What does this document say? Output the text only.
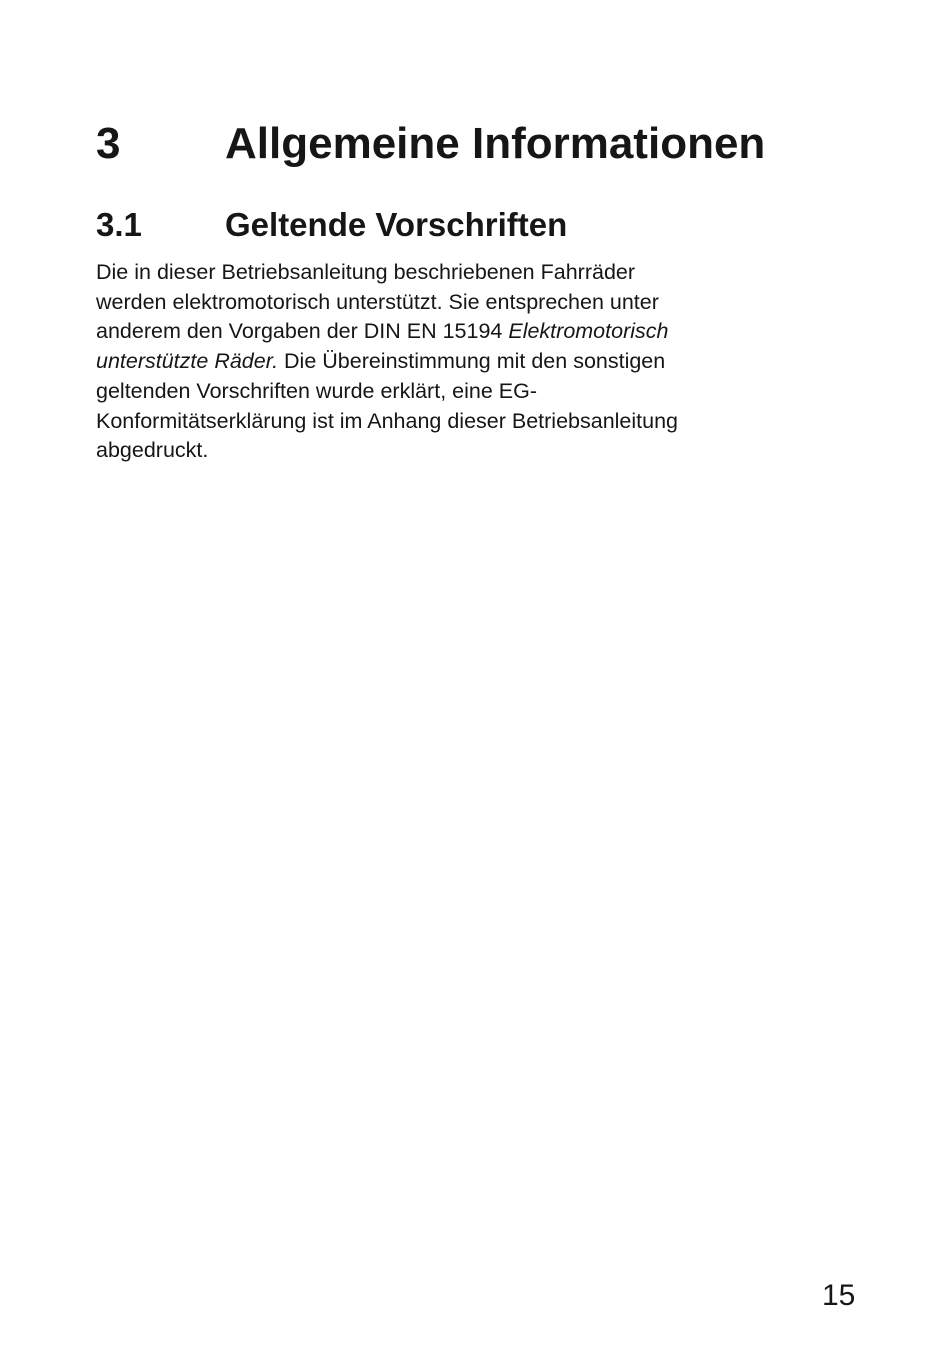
3 Allgemeine Informationen
3.1	Geltende Vorschriften
Die in dieser Betriebsanleitung beschriebenen Fahrräder
werden elektromotorisch unterstützt. Sie entsprechen unter
anderem den Vorgaben der DIN EN 15194 Elektromotorisch
unterstützte Räder. Die Übereinstimmung mit den sonstigen
geltenden Vorschriften wurde erklärt, eine EG-
Konformitätserklärung ist im Anhang dieser Betriebsanleitung
abgedruckt.
15
